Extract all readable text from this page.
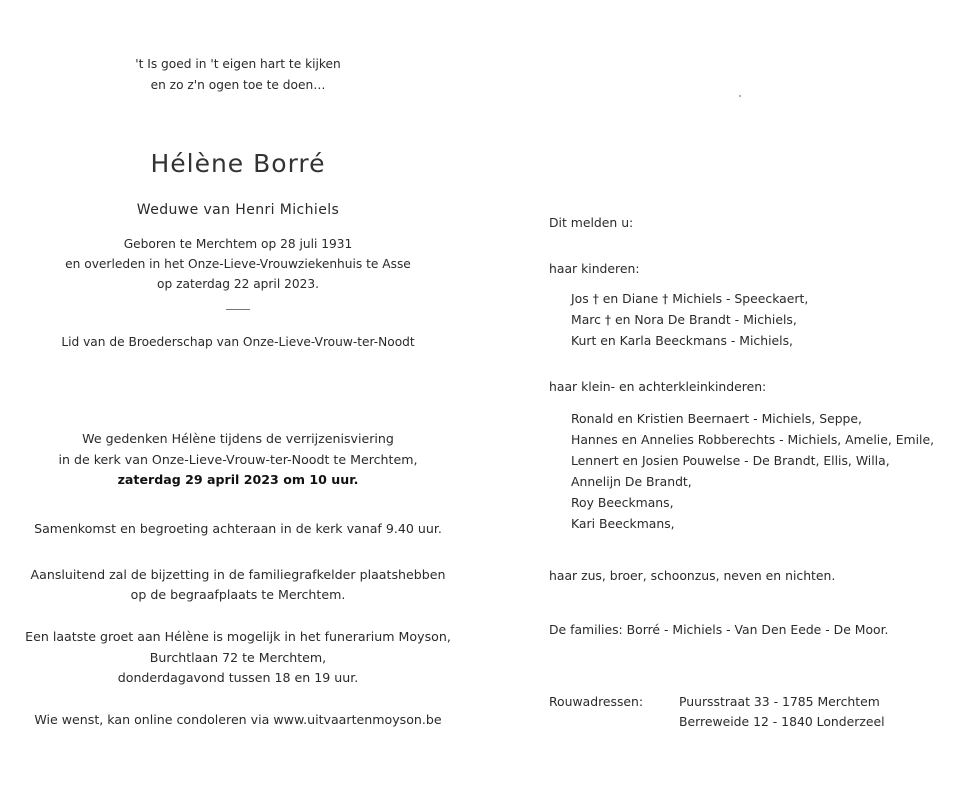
't Is goed in 't eigen hart te kijken
en zo z'n ogen toe te doen…
Hélène Borré
Weduwe van Henri Michiels
Geboren te Merchtem op 28 juli 1931
en overleden in het Onze-Lieve-Vrouwziekenhuis te Asse
op zaterdag 22 april 2023.
Lid van de Broederschap van Onze-Lieve-Vrouw-ter-Noodt
We gedenken Hélène tijdens de verrijzenisviering
in de kerk van Onze-Lieve-Vrouw-ter-Noodt te Merchtem,
zaterdag 29 april 2023 om 10 uur.
Samenkomst en begroeting achteraan in de kerk vanaf 9.40 uur.
Aansluitend zal de bijzetting in de familiegrafkelder plaatshebben
op de begraafplaats te Merchtem.
Een laatste groet aan Hélène is mogelijk in het funerarium Moyson,
Burchtlaan 72 te Merchtem,
donderdagavond tussen 18 en 19 uur.
Wie wenst, kan online condoleren via www.uitvaartenmoyson.be
Dit melden u:
haar kinderen:
Jos † en Diane † Michiels - Speeckaert,
Marc † en Nora De Brandt - Michiels,
Kurt en Karla Beeckmans - Michiels,
haar klein- en achterkleinkinderen:
Ronald en Kristien Beernaert - Michiels, Seppe,
Hannes en Annelies Robberechts - Michiels, Amelie, Emile,
Lennert en Josien Pouwelse - De Brandt, Ellis, Willa,
Annelijn De Brandt,
Roy Beeckmans,
Kari Beeckmans,
haar zus, broer, schoonzus, neven en nichten.
De families: Borré - Michiels - Van Den Eede - De Moor.
Rouwadressen:	Puursstraat 33 - 1785 Merchtem
Berreweide 12 - 1840 Londerzeel
